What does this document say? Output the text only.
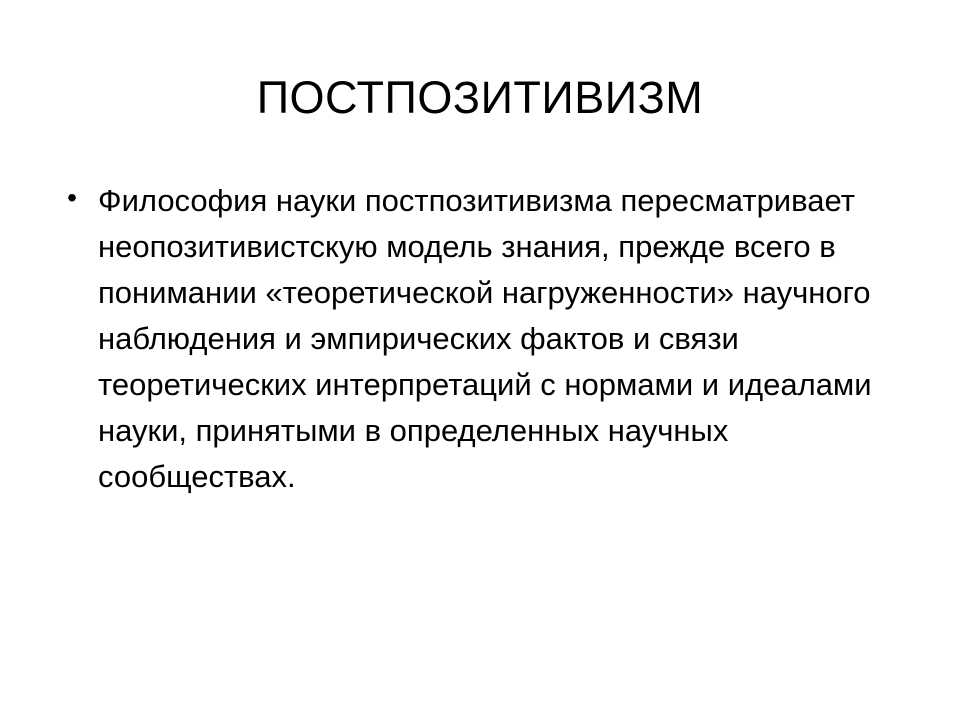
ПОСТПОЗИТИВИЗМ
• Философия науки постпозитивизма пересматривает неопозитивистскую модель знания, прежде всего в понимании «теоретической нагруженности» научного наблюдения и эмпирических фактов и связи теоретических интерпретаций с нормами и идеалами науки, принятыми в определенных научных сообществах.
